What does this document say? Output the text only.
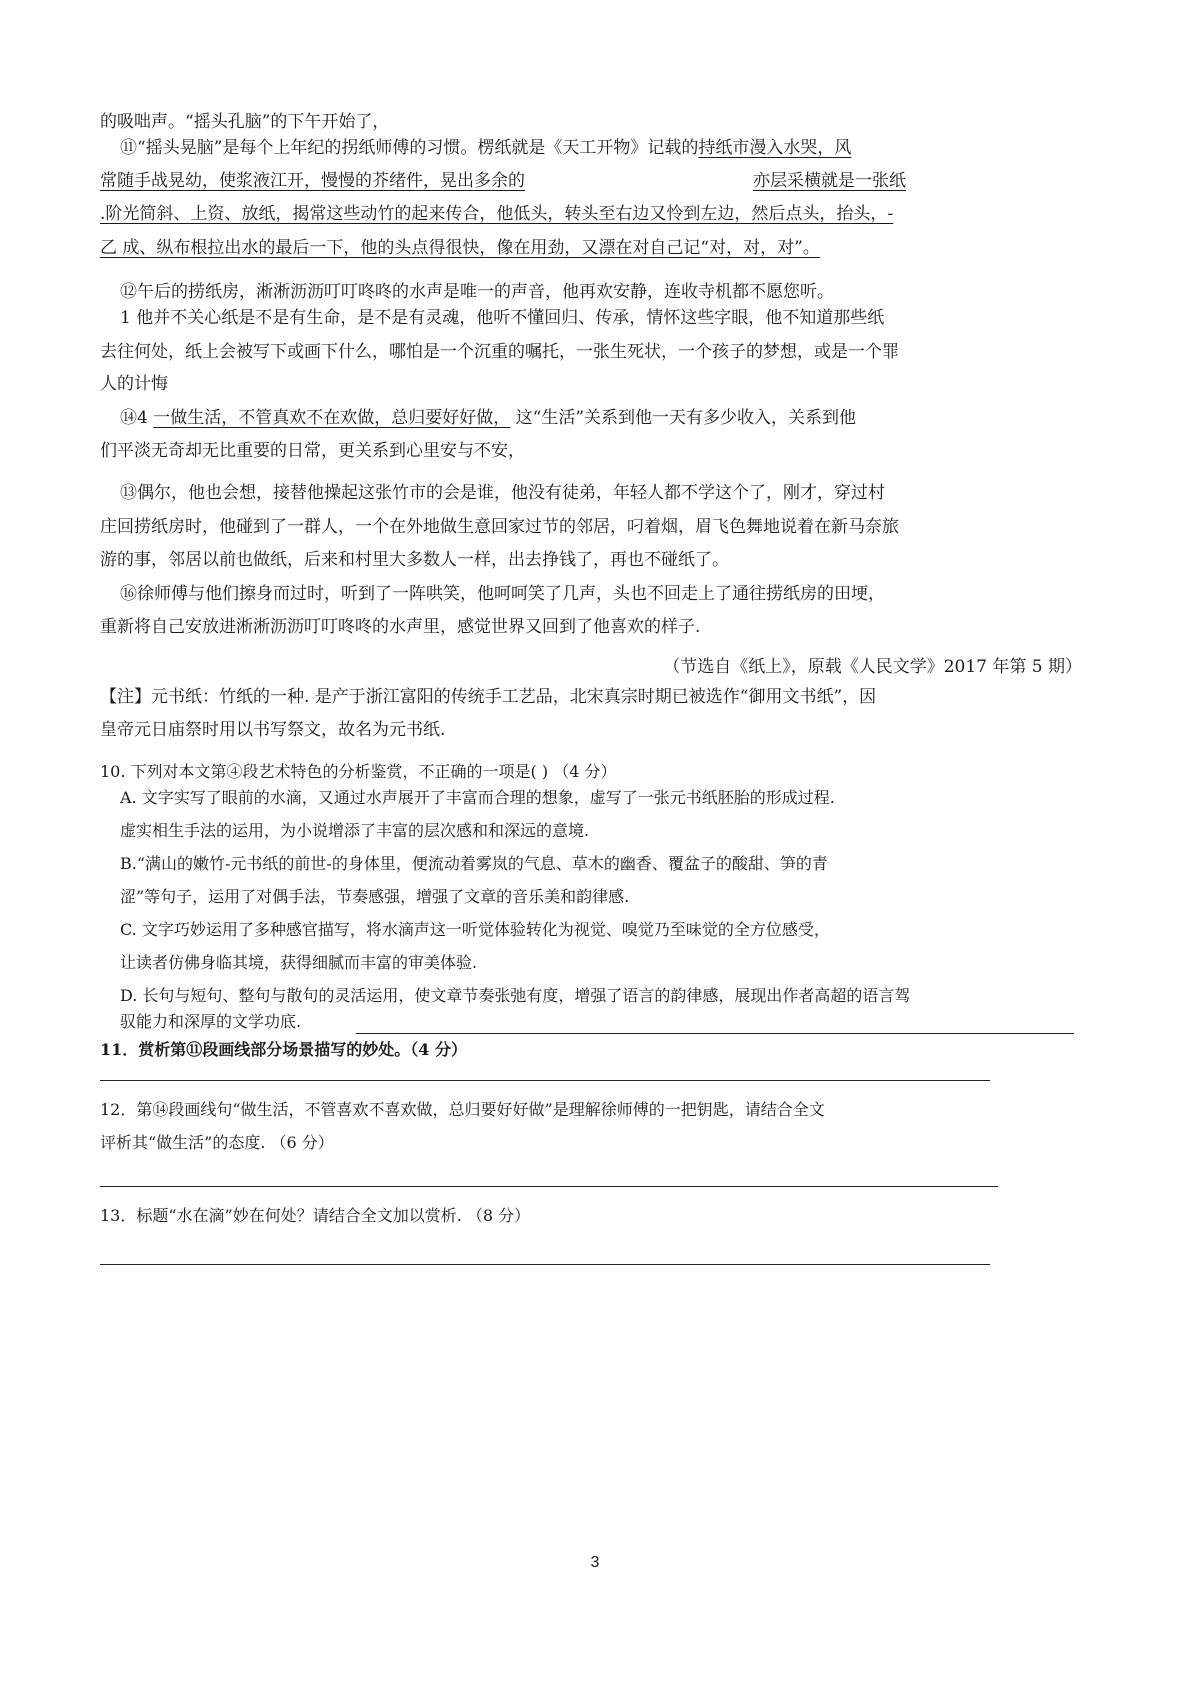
的吸咄声。“摇头孔脑”的下午开始了，
⑪“摇头晃脑”是每个上年纪的拐纸师傅的习惯。楞纸就是《天工开物》记载的持纸市漫入水哭，风
常随手战晃幼，使浆液江开，慢慢的芥绪件，晃出多余的	亦层采横就是一张纸
.阶光简斜、上资、放纸，揭常这些动竹的起来传合，他低头，转头至右边又怜到左边，然后点头，抬头，-
乙 成、纵布根拉出水的最后一下，他的头点得很快，像在用劲，又漂在对自己记“对，对，对”。
⑫午后的捞纸房，淅淅沥沥叮叮咚咚的水声是唯一的声音，他再欢安静，连收寺机都不愿您听。
1 他并不关心纸是不是有生命，是不是有灵魂，他听不懂回归、传承，情怀这些字眼，他不知道那些纸
去往何处，纸上会被写下或画下什么，哪怕是一个沉重的嘱托，一张生死状，一个孩子的梦想，或是一个罪
人的计悔
⑭4 一做生活，不管真欢不在欢做，总归要好好做， 这“生活”关系到他一天有多少收入，关系到他
们平淡无奇却无比重要的日常，更关系到心里安与不安，
⑬偶尔，他也会想，接替他操起这张竹市的会是谁，他没有徒弟，年轻人都不学这个了，刚才，穿过村
庄回捞纸房时，他碰到了一群人，一个在外地做生意回家过节的邻居，叼着烟，眉飞色舞地说着在新马奈旅
游的事，邻居以前也做纸，后来和村里大多数人一样，出去挣钱了，再也不碰纸了。
⑯徐师傅与他们擦身而过时，听到了一阵哄笑，他呵呵笑了几声，头也不回走上了通往捞纸房的田埂，
重新将自己安放进淅淅沥沥叮叮咚咚的水声里，感觉世界又回到了他喜欢的样子.
（节选自《纸上》，原载《人民文学》2017 年第 5 期）
【注】元书纸：竹纸的一种. 是产于浙江富阳的传统手工艺品，北宋真宗时期已被选作“御用文书纸”，因
皇帝元日庙祭时用以书写祭文，故名为元书纸.
10. 下列对本文第④段艺术特色的分析鉴赏，不正确的一项是( ) （4 分）
A. 文字实写了眼前的水滴，又通过水声展开了丰富而合理的想象，虚写了一张元书纸胚胎的形成过程.
虚实相生手法的运用，为小说增添了丰富的层次感和和深远的意境.
B.“满山的嫩竹-元书纸的前世-的身体里，便流动着雾岚的气息、草木的幽香、覆盆子的酸甜、笋的青
涩”等句子，运用了对偶手法，节奏感强，增强了文章的音乐美和韵律感.
C. 文字巧妙运用了多种感官描写，将水滴声这一听觉体验转化为视觉、嗅觉乃至味觉的全方位感受，
让读者仿佛身临其境，获得细腻而丰富的审美体验.
D. 长句与短句、整句与散句的灵活运用，使文章节奏张弛有度，增强了语言的韵律感，展现出作者高超的语言驾
驭能力和深厚的文学功底.
11．赏析第⑪段画线部分场景描写的妙处。（4 分）
12．第⑭段画线句“做生活，不管喜欢不喜欢做，总归要好好做”是理解徐师傅的一把钥匙，请结合全文
评析其“做生活”的态度. （6 分）
13．标题“水在滴”妙在何处？请结合全文加以赏析. （8 分）
3
